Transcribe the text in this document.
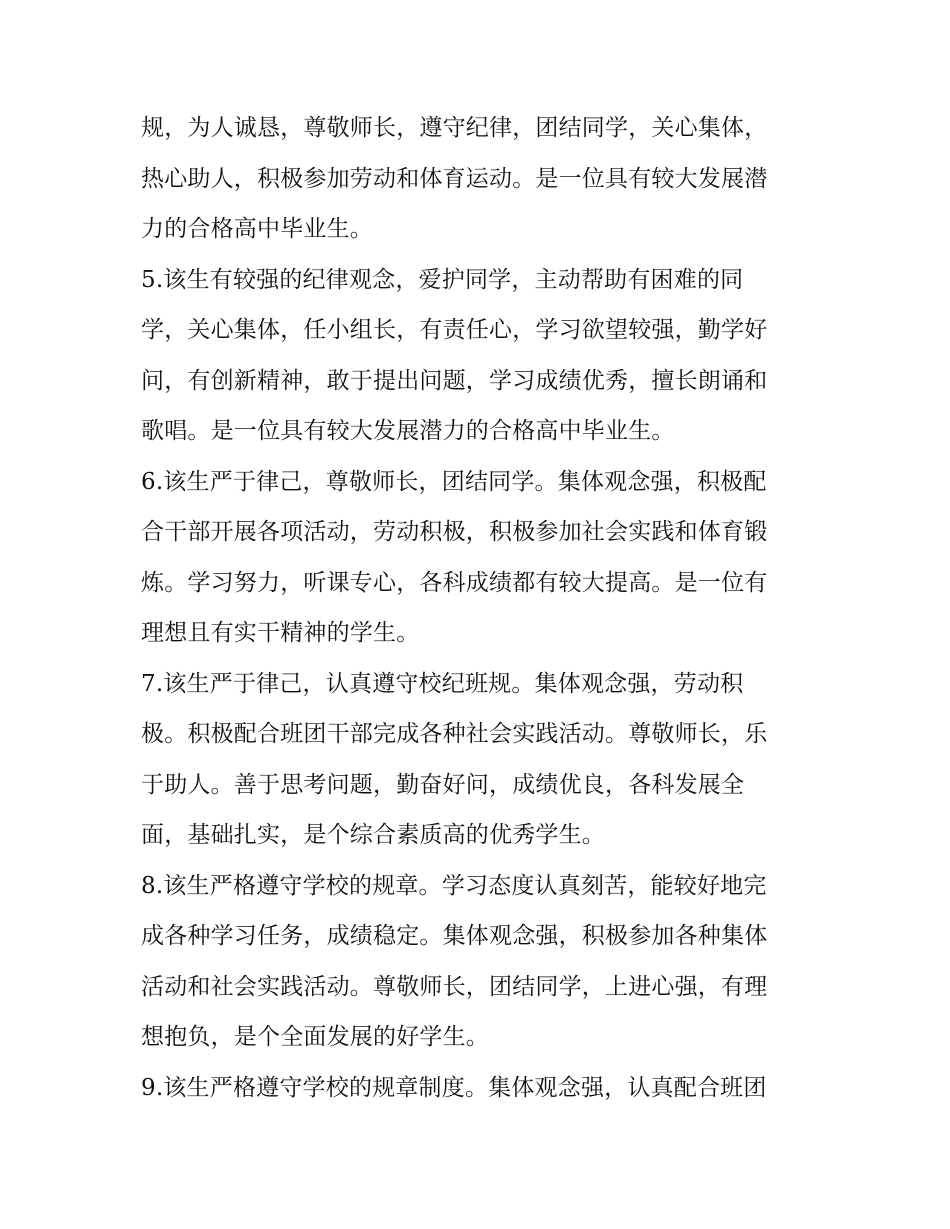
规，为人诚恳，尊敬师长，遵守纪律，团结同学，关心集体，
热心助人，积极参加劳动和体育运动。是一位具有较大发展潜
力的合格高中毕业生。
5.该生有较强的纪律观念，爱护同学，主动帮助有困难的同
学，关心集体，任小组长，有责任心，学习欲望较强，勤学好
问，有创新精神，敢于提出问题，学习成绩优秀，擅长朗诵和
歌唱。是一位具有较大发展潜力的合格高中毕业生。
6.该生严于律己，尊敬师长，团结同学。集体观念强，积极配
合干部开展各项活动，劳动积极，积极参加社会实践和体育锻
炼。学习努力，听课专心，各科成绩都有较大提高。是一位有
理想且有实干精神的学生。
7.该生严于律己，认真遵守校纪班规。集体观念强，劳动积
极。积极配合班团干部完成各种社会实践活动。尊敬师长，乐
于助人。善于思考问题，勤奋好问，成绩优良，各科发展全
面，基础扎实，是个综合素质高的优秀学生。
8.该生严格遵守学校的规章。学习态度认真刻苦，能较好地完
成各种学习任务，成绩稳定。集体观念强，积极参加各种集体
活动和社会实践活动。尊敬师长，团结同学，上进心强，有理
想抱负，是个全面发展的好学生。
9.该生严格遵守学校的规章制度。集体观念强，认真配合班团
